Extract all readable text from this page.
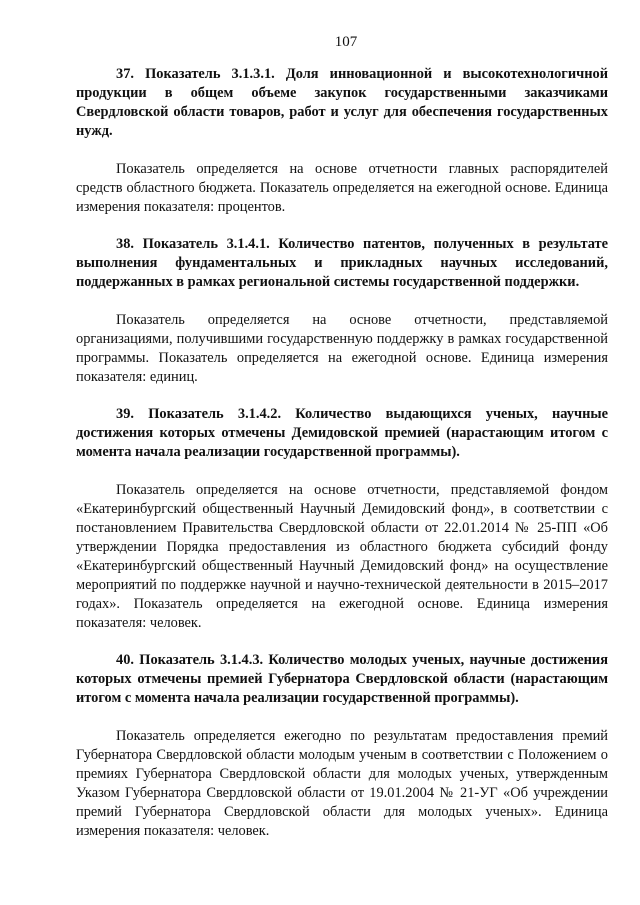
107

37. Показатель 3.1.3.1. Доля инновационной и высокотехнологичной продукции в общем объеме закупок государственными заказчиками Свердловской области товаров, работ и услуг для обеспечения государственных нужд.

Показатель определяется на основе отчетности главных распорядителей средств областного бюджета. Показатель определяется на ежегодной основе. Единица измерения показателя: процентов.

38. Показатель 3.1.4.1. Количество патентов, полученных в результате выполнения фундаментальных и прикладных научных исследований, поддержанных в рамках региональной системы государственной поддержки.

Показатель определяется на основе отчетности, представляемой организациями, получившими государственную поддержку в рамках государственной программы. Показатель определяется на ежегодной основе. Единица измерения показателя: единиц.

39. Показатель 3.1.4.2. Количество выдающихся ученых, научные достижения которых отмечены Демидовской премией (нарастающим итогом с момента начала реализации государственной программы).

Показатель определяется на основе отчетности, представляемой фондом «Екатеринбургский общественный Научный Демидовский фонд», в соответствии с постановлением Правительства Свердловской области от 22.01.2014 № 25-ПП «Об утверждении Порядка предоставления из областного бюджета субсидий фонду «Екатеринбургский общественный Научный Демидовский фонд» на осуществление мероприятий по поддержке научной и научно-технической деятельности в 2015–2017 годах». Показатель определяется на ежегодной основе. Единица измерения показателя: человек.

40. Показатель 3.1.4.3. Количество молодых ученых, научные достижения которых отмечены премией Губернатора Свердловской области (нарастающим итогом с момента начала реализации государственной программы).

Показатель определяется ежегодно по результатам предоставления премий Губернатора Свердловской области молодым ученым в соответствии с Положением о премиях Губернатора Свердловской области для молодых ученых, утвержденным Указом Губернатора Свердловской области от 19.01.2004 № 21-УГ «Об учреждении премий Губернатора Свердловской области для молодых ученых». Единица измерения показателя: человек.
